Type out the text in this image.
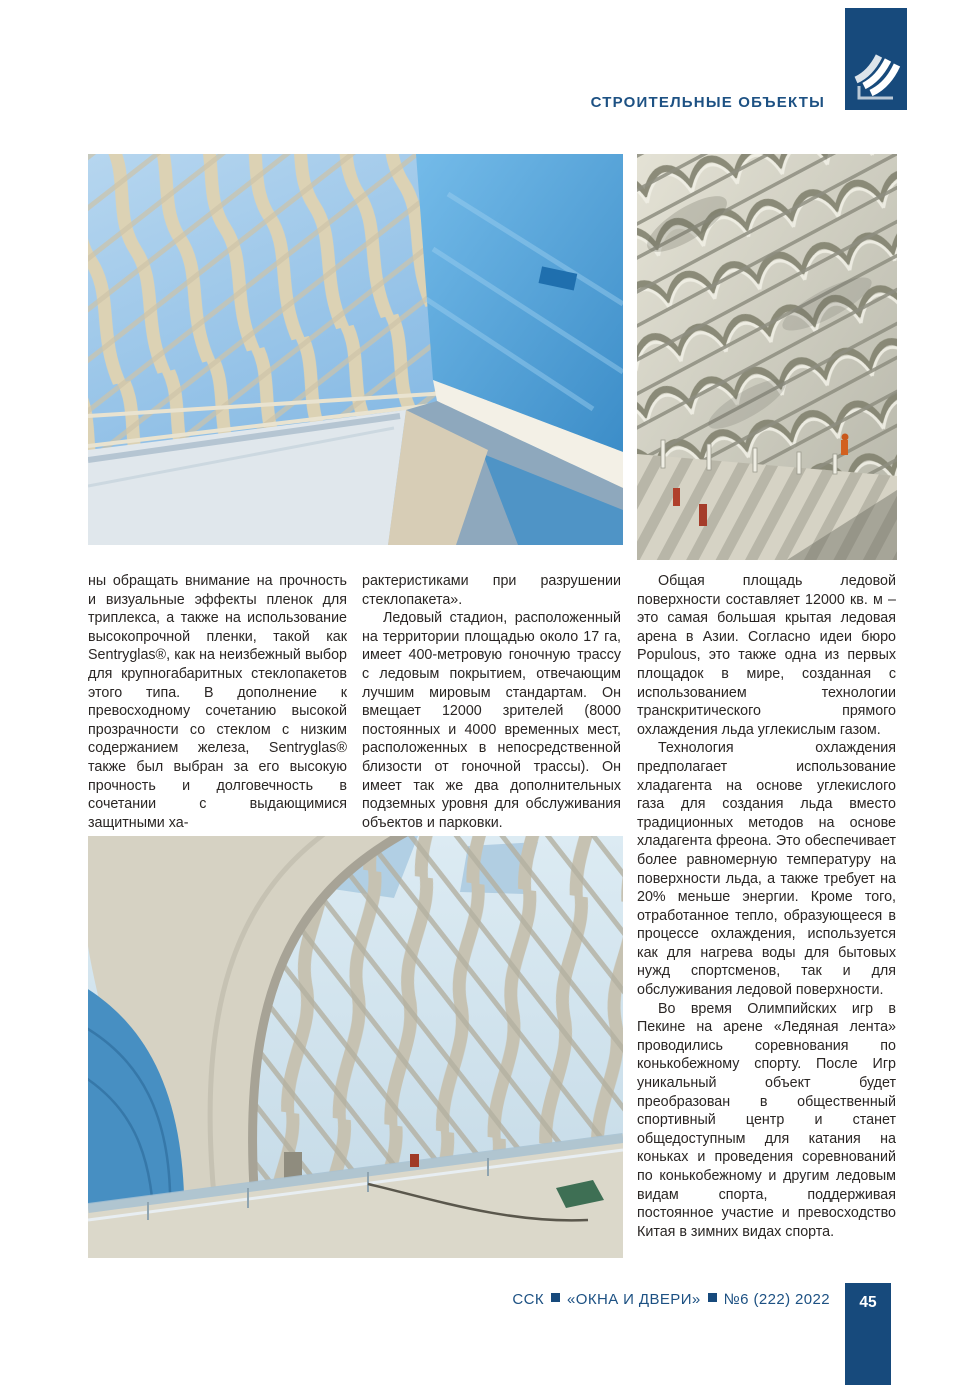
СТРОИТЕЛЬНЫЕ ОБЪЕКТЫ

ны обращать внимание на прочность и визуальные эффекты пленок для триплекса, а также на использование высокопрочной пленки, такой как Sentryglas®, как на неизбежный выбор для крупногабаритных стеклопакетов этого типа. В дополнение к превосходному сочетанию высокой прозрачности со стеклом с низким содержанием железа, Sentryglas® также был выбран за его высокую прочность и долговечность в сочетании с выдающимися защитными ха-

рактеристиками при разрушении стеклопакета».

Ледовый стадион, расположенный на территории площадью около 17 га, имеет 400-метровую гоночную трассу с ледовым покрытием, отвечающим лучшим мировым стандартам. Он вмещает 12000 зрителей (8000 постоянных и 4000 временных мест, расположенных в непосредственной близости от гоночной трассы). Он имеет так же два дополнительных подземных уровня для обслуживания объектов и парковки.

Общая площадь ледовой поверхности составляет 12000 кв. м – это самая большая крытая ледовая арена в Азии. Согласно идеи бюро Populous, это также одна из первых площадок в мире, созданная с использованием технологии транскритического прямого охлаждения льда углекислым газом.

Технология охлаждения предполагает использование хладагента на основе углекислого газа для создания льда вместо традиционных методов на основе хладагента фреона. Это обеспечивает более равномерную температуру на поверхности льда, а также требует на 20% меньше энергии. Кроме того, отработанное тепло, образующееся в процессе охлаждения, используется как для нагрева воды для бытовых нужд спортсменов, так и для обслуживания ледовой поверхности.

Во время Олимпийских игр в Пекине на арене «Ледяная лента» проводились соревнования по конькобежному спорту. После Игр уникальный объект будет преобразован в общественный спортивный центр и станет общедоступным для катания на коньках и проведения соревнований по конькобежному и другим ледовым видам спорта, поддерживая постоянное участие и превосходство Китая в зимних видах спорта.

ССК «ОКНА И ДВЕРИ» №6 (222) 2022	45
